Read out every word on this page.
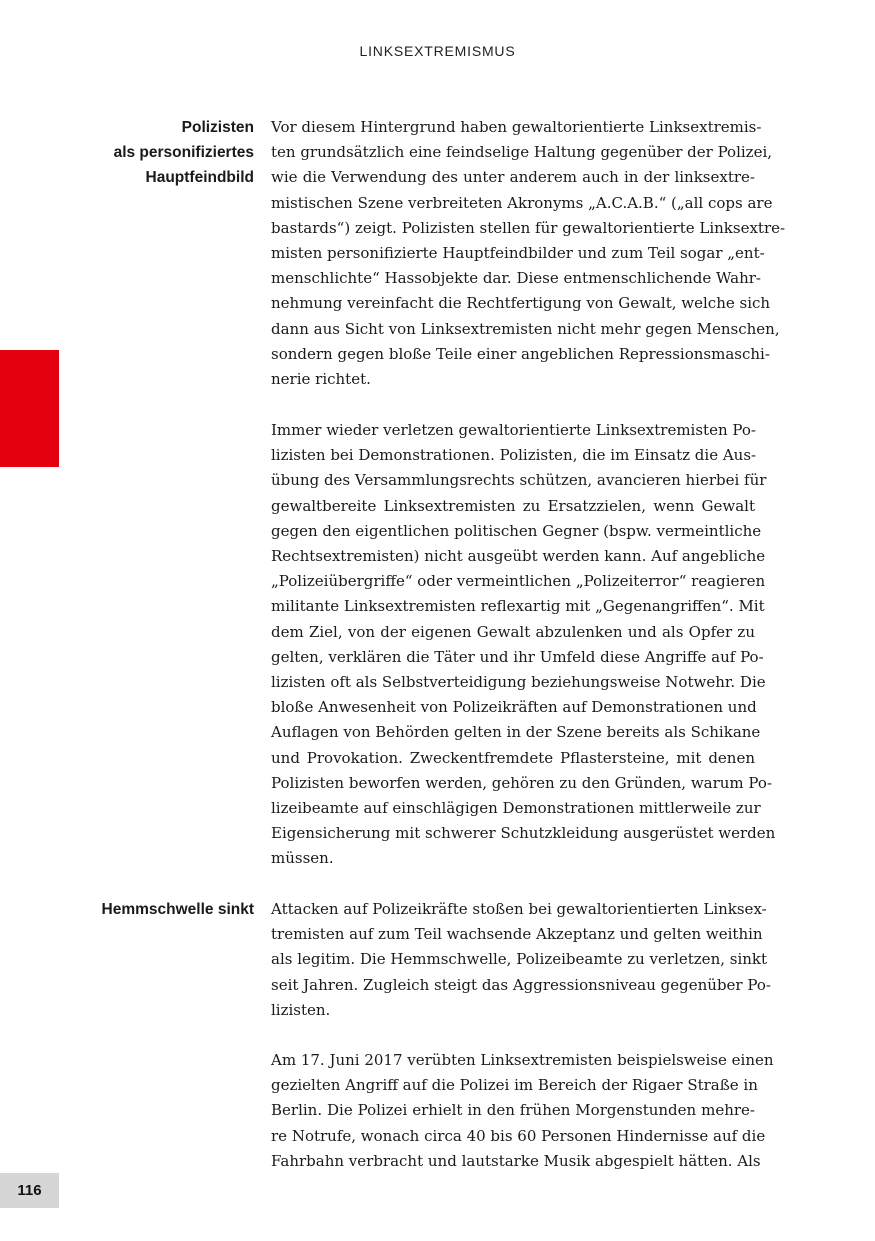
LINKSEXTREMISMUS
Polizisten
als personifiziertes
Hauptfeindbild
Vor diesem Hintergrund haben gewaltorientierte Linksextremis-
ten grundsätzlich eine feindselige Haltung gegenüber der Polizei,
wie die Verwendung des unter anderem auch in der linksextre-
mistischen Szene verbreiteten Akronyms „A.C.A.B.“ („all cops are
bastards“) zeigt. Polizisten stellen für gewaltorientierte Linksextre-
misten personifizierte Hauptfeindbilder und zum Teil sogar „ent-
menschlichte“ Hassobjekte dar. Diese entmenschlichende Wahr-
nehmung vereinfacht die Rechtfertigung von Gewalt, welche sich
dann aus Sicht von Linksextremisten nicht mehr gegen Menschen,
sondern gegen bloße Teile einer angeblichen Repressionsmaschi-
nerie richtet.
Immer wieder verletzen gewaltorientierte Linksextremisten Po-
lizisten bei Demonstrationen. Polizisten, die im Einsatz die Aus-
übung des Versammlungsrechts schützen, avancieren hierbei für
gewaltbereite Linksextremisten zu Ersatzzielen, wenn Gewalt
gegen den eigentlichen politischen Gegner (bspw. vermeintliche
Rechtsextremisten) nicht ausgeübt werden kann. Auf angebliche
„Polizeiübergriffe“ oder vermeintlichen „Polizeiterror“ reagieren
militante Linksextremisten reflexartig mit „Gegenangriffen“. Mit
dem Ziel, von der eigenen Gewalt abzulenken und als Opfer zu
gelten, verklären die Täter und ihr Umfeld diese Angriffe auf Po-
lizisten oft als Selbstverteidigung beziehungsweise Notwehr. Die
bloße Anwesenheit von Polizeikräften auf Demonstrationen und
Auflagen von Behörden gelten in der Szene bereits als Schikane
und Provokation. Zweckentfremdete Pflastersteine, mit denen
Polizisten beworfen werden, gehören zu den Gründen, warum Po-
lizeibeamte auf einschlägigen Demonstrationen mittlerweile zur
Eigensicherung mit schwerer Schutzkleidung ausgerüstet werden
müssen.
Hemmschwelle sinkt Attacken auf Polizeikräfte stoßen bei gewaltorientierten Linksex-
tremisten auf zum Teil wachsende Akzeptanz und gelten weithin
als legitim. Die Hemmschwelle, Polizeibeamte zu verletzen, sinkt
seit Jahren. Zugleich steigt das Aggressionsniveau gegenüber Po-
lizisten.
Am 17. Juni 2017 verübten Linksextremisten beispielsweise einen
gezielten Angriff auf die Polizei im Bereich der Rigaer Straße in
Berlin. Die Polizei erhielt in den frühen Morgenstunden mehre-
re Notrufe, wonach circa 40 bis 60 Personen Hindernisse auf die
Fahrbahn verbracht und lautstarke Musik abgespielt hätten. Als
116
